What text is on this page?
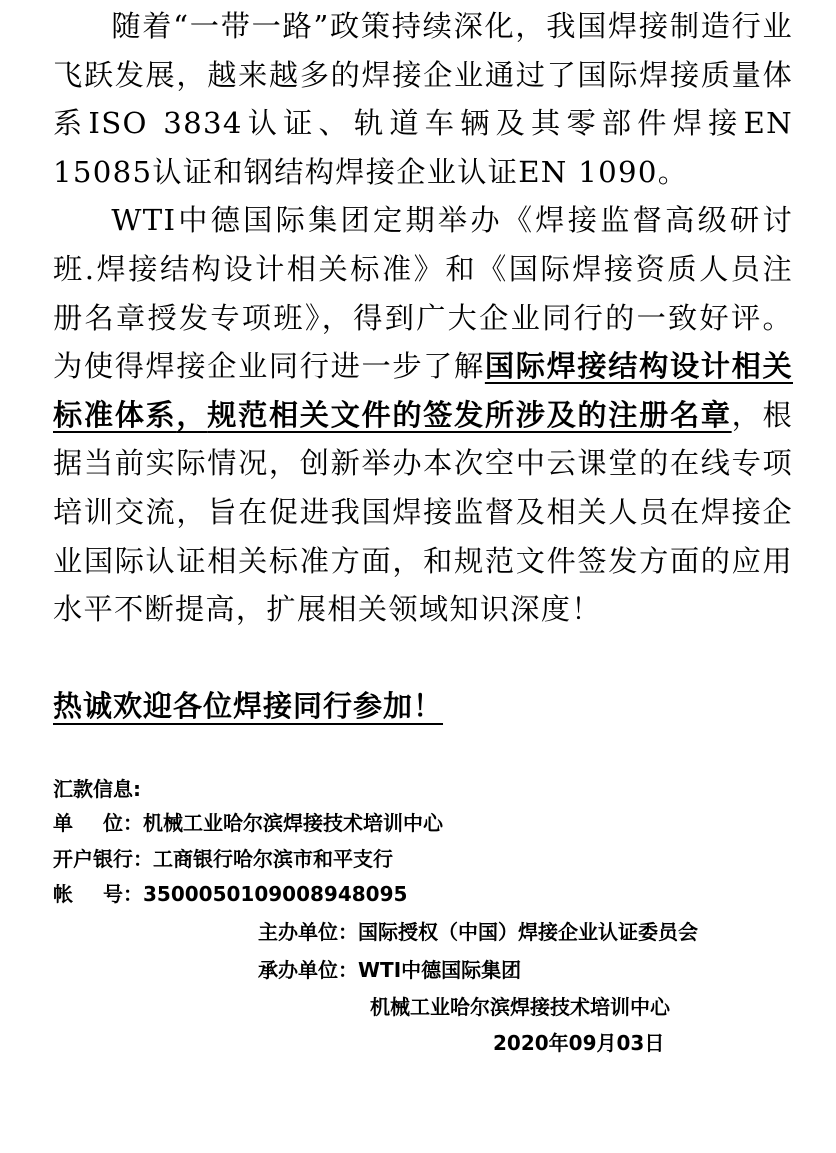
随着“一带一路”政策持续深化，我国焊接制造行业飞跃发展，越来越多的焊接企业通过了国际焊接质量体系ISO 3834认证、轨道车辆及其零部件焊接EN 15085认证和钢结构焊接企业认证EN 1090。

WTI中德国际集团定期举办《焊接监督高级研讨班.焊接结构设计相关标准》和《国际焊接资质人员注册名章授发专项班》，得到广大企业同行的一致好评。为使得焊接企业同行进一步了解国际焊接结构设计相关标准体系，规范相关文件的签发所涉及的注册名章，根据当前实际情况，创新举办本次空中云课堂的在线专项培训交流，旨在促进我国焊接监督及相关人员在焊接企业国际认证相关标准方面，和规范文件签发方面的应用水平不断提高，扩展相关领域知识深度！

热诚欢迎各位焊接同行参加！
汇款信息:
单 位： 机械工业哈尔滨焊接技术培训中心
开户银行：工商银行哈尔滨市和平支行
帐 号： 3500050109008948095
主办单位：国际授权（中国）焊接企业认证委员会
承办单位：WTI中德国际集团
机械工业哈尔滨焊接技术培训中心
2020年09月03日
